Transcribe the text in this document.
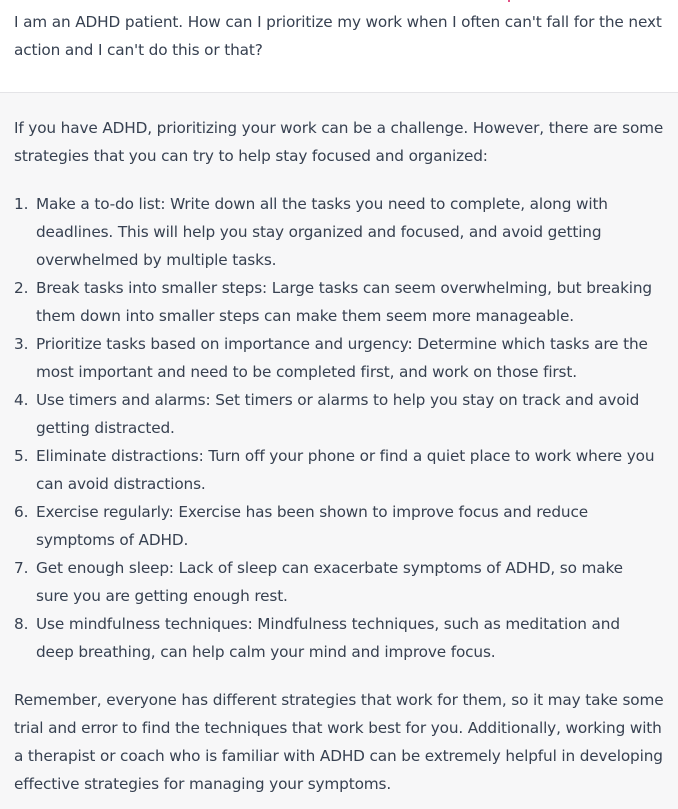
I am an ADHD patient. How can I prioritize my work when I often can't fall for the next action and I can't do this or that?

If you have ADHD, prioritizing your work can be a challenge. However, there are some strategies that you can try to help stay focused and organized:

1. Make a to-do list: Write down all the tasks you need to complete, along with deadlines. This will help you stay organized and focused, and avoid getting overwhelmed by multiple tasks.
2. Break tasks into smaller steps: Large tasks can seem overwhelming, but breaking them down into smaller steps can make them seem more manageable.
3. Prioritize tasks based on importance and urgency: Determine which tasks are the most important and need to be completed first, and work on those first.
4. Use timers and alarms: Set timers or alarms to help you stay on track and avoid getting distracted.
5. Eliminate distractions: Turn off your phone or find a quiet place to work where you can avoid distractions.
6. Exercise regularly: Exercise has been shown to improve focus and reduce symptoms of ADHD.
7. Get enough sleep: Lack of sleep can exacerbate symptoms of ADHD, so make sure you are getting enough rest.
8. Use mindfulness techniques: Mindfulness techniques, such as meditation and deep breathing, can help calm your mind and improve focus.

Remember, everyone has different strategies that work for them, so it may take some trial and error to find the techniques that work best for you. Additionally, working with a therapist or coach who is familiar with ADHD can be extremely helpful in developing effective strategies for managing your symptoms.
